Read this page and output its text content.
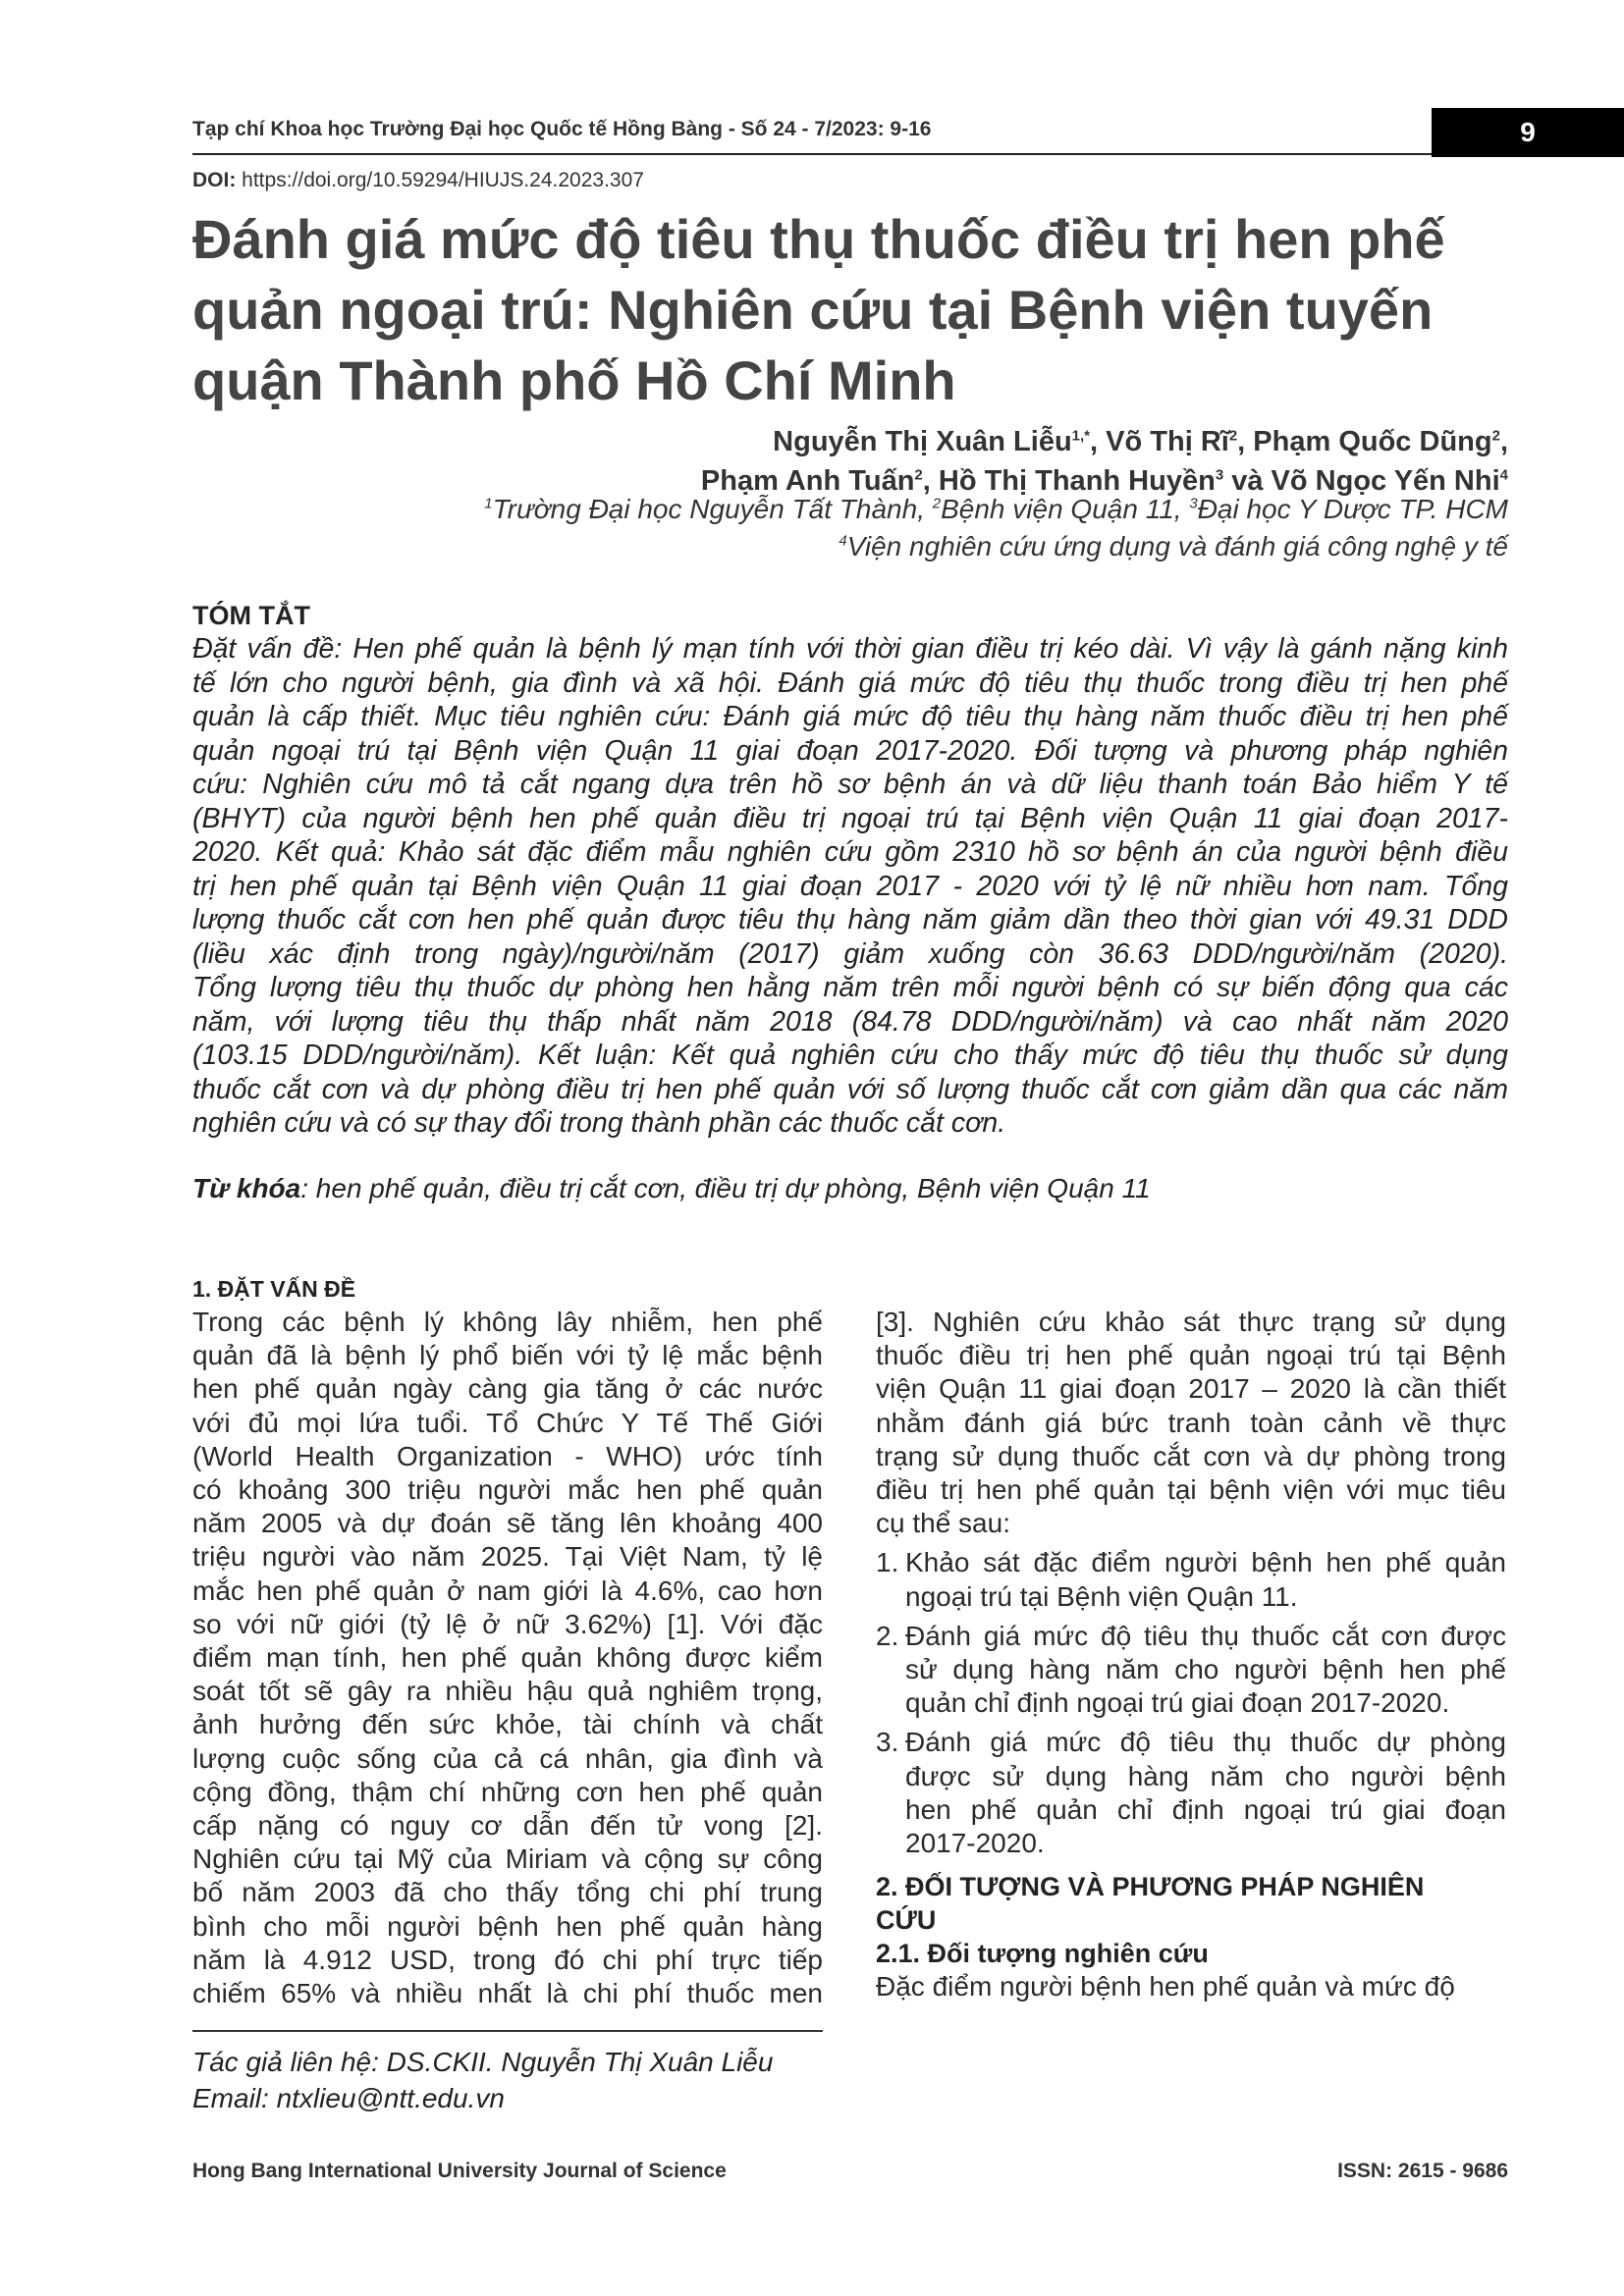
Tạp chí Khoa học Trường Đại học Quốc tế Hồng Bàng - Số 24 - 7/2023: 9-16	9
DOI: https://doi.org/10.59294/HIUJS.24.2023.307
Đánh giá mức độ tiêu thụ thuốc điều trị hen phế
quản ngoại trú: Nghiên cứu tại Bệnh viện tuyến
quận Thành phố Hồ Chí Minh
Nguyễn Thị Xuân Liễu$^{1,*}$, Võ Thị $Rĩ^2$, Phạm Quốc Dũng$^2$,
Phạm Anh Tuấn$^2$, Hồ Thị Thanh Huyền$^3$ và Võ Ngọc Yến Nhi$^4$
$^1$Trường Đại học Nguyễn Tất Thành, $^2$Bệnh viện Quận 11, $^3$Đại học Y Dược TP. HCM
$^4$Viện nghiên cứu ứng dụng và đánh giá công nghệ y tế
TÓM TẮT

Đặt vấn đề: Hen phế quản là bệnh lý mạn tính với thời gian điều trị kéo dài. Vì vậy là gánh nặng kinh

tế lớn cho người bệnh, gia đình và xã hội. Đánh giá mức độ tiêu thụ thuốc trong điều trị hen phế

quản là cấp thiết. Mục tiêu nghiên cứu: Đánh giá mức độ tiêu thụ hàng năm thuốc điều trị hen phế

quản ngoại trú tại Bệnh viện Quận 11 giai đoạn 2017-2020. Đối tượng và phương pháp nghiên

cứu: Nghiên cứu mô tả cắt ngang dựa trên hồ sơ bệnh án và dữ liệu thanh toán Bảo hiểm Y tế

(BHYT) của người bệnh hen phế quản điều trị ngoại trú tại Bệnh viện Quận 11 giai đoạn 2017-

2020. Kết quả: Khảo sát đặc điểm mẫu nghiên cứu gồm 2310 hồ sơ bệnh án của người bệnh điều

trị hen phế quản tại Bệnh viện Quận 11 giai đoạn 2017 - 2020 với tỷ lệ nữ nhiều hơn nam. Tổng

lượng thuốc cắt cơn hen phế quản được tiêu thụ hàng năm giảm dần theo thời gian với 49.31 DDD

(liều xác định trong ngày)/người/năm (2017) giảm xuống còn 36.63 DDD/người/năm (2020).

Tổng lượng tiêu thụ thuốc dự phòng hen hằng năm trên mỗi người bệnh có sự biến động qua các

năm, với lượng tiêu thụ thấp nhất năm 2018 (84.78 DDD/người/năm) và cao nhất năm 2020

(103.15 DDD/người/năm). Kết luận: Kết quả nghiên cứu cho thấy mức độ tiêu thụ thuốc sử dụng

thuốc cắt cơn và dự phòng điều trị hen phế quản với số lượng thuốc cắt cơn giảm dần qua các năm

nghiên cứu và có sự thay đổi trong thành phần các thuốc cắt cơn.

Từ khóa: hen phế quản, điều trị cắt cơn, điều trị dự phòng, Bệnh viện Quận 11
1. ĐẶT VẤN ĐỀ

Trong các bệnh lý không lây nhiễm, hen phế

quản đã là bệnh lý phổ biến với tỷ lệ mắc bệnh

hen phế quản ngày càng gia tăng ở các nước

với đủ mọi lứa tuổi. Tổ Chức Y Tế Thế Giới

(World Health Organization - WHO) ước tính

có khoảng 300 triệu người mắc hen phế quản

năm 2005 và dự đoán sẽ tăng lên khoảng 400

triệu người vào năm 2025. Tại Việt Nam, tỷ lệ

mắc hen phế quản ở nam giới là 4.6%, cao hơn

so với nữ giới (tỷ lệ ở nữ 3.62%) [1]. Với đặc

điểm mạn tính, hen phế quản không được kiểm

soát tốt sẽ gây ra nhiều hậu quả nghiêm trọng,

ảnh hưởng đến sức khỏe, tài chính và chất

lượng cuộc sống của cả cá nhân, gia đình và

cộng đồng, thậm chí những cơn hen phế quản

cấp nặng có nguy cơ dẫn đến tử vong [2].

Nghiên cứu tại Mỹ của Miriam và cộng sự công

bố năm 2003 đã cho thấy tổng chi phí trung

bình cho mỗi người bệnh hen phế quản hàng

năm là 4.912 USD, trong đó chi phí trực tiếp

chiếm 65% và nhiều nhất là chi phí thuốc men

[3]. Nghiên cứu khảo sát thực trạng sử dụng

thuốc điều trị hen phế quản ngoại trú tại Bệnh

viện Quận 11 giai đoạn 2017 – 2020 là cần thiết

nhằm đánh giá bức tranh toàn cảnh về thực

trạng sử dụng thuốc cắt cơn và dự phòng trong

điều trị hen phế quản tại bệnh viện với mục tiêu

cụ thể sau:

1. Khảo sát đặc điểm người bệnh hen phế quản

ngoại trú tại Bệnh viện Quận 11.

2. Đánh giá mức độ tiêu thụ thuốc cắt cơn được

sử dụng hàng năm cho người bệnh hen phế

quản chỉ định ngoại trú giai đoạn 2017-2020.

3. Đánh giá mức độ tiêu thụ thuốc dự phòng

được sử dụng hàng năm cho người bệnh

hen phế quản chỉ định ngoại trú giai đoạn

2017-2020.

2. ĐỐI TƯỢNG VÀ PHƯƠNG PHÁP NGHIÊN
CỨU
2.1. Đối tượng nghiên cứu

Đặc điểm người bệnh hen phế quản và mức độ

Tác giả liên hệ: DS.CKII. Nguyễn Thị Xuân Liễu
Email: ntxlieu@ntt.edu.vn
Hong Bang International University Journal of Science	ISSN: 2615 - 9686
